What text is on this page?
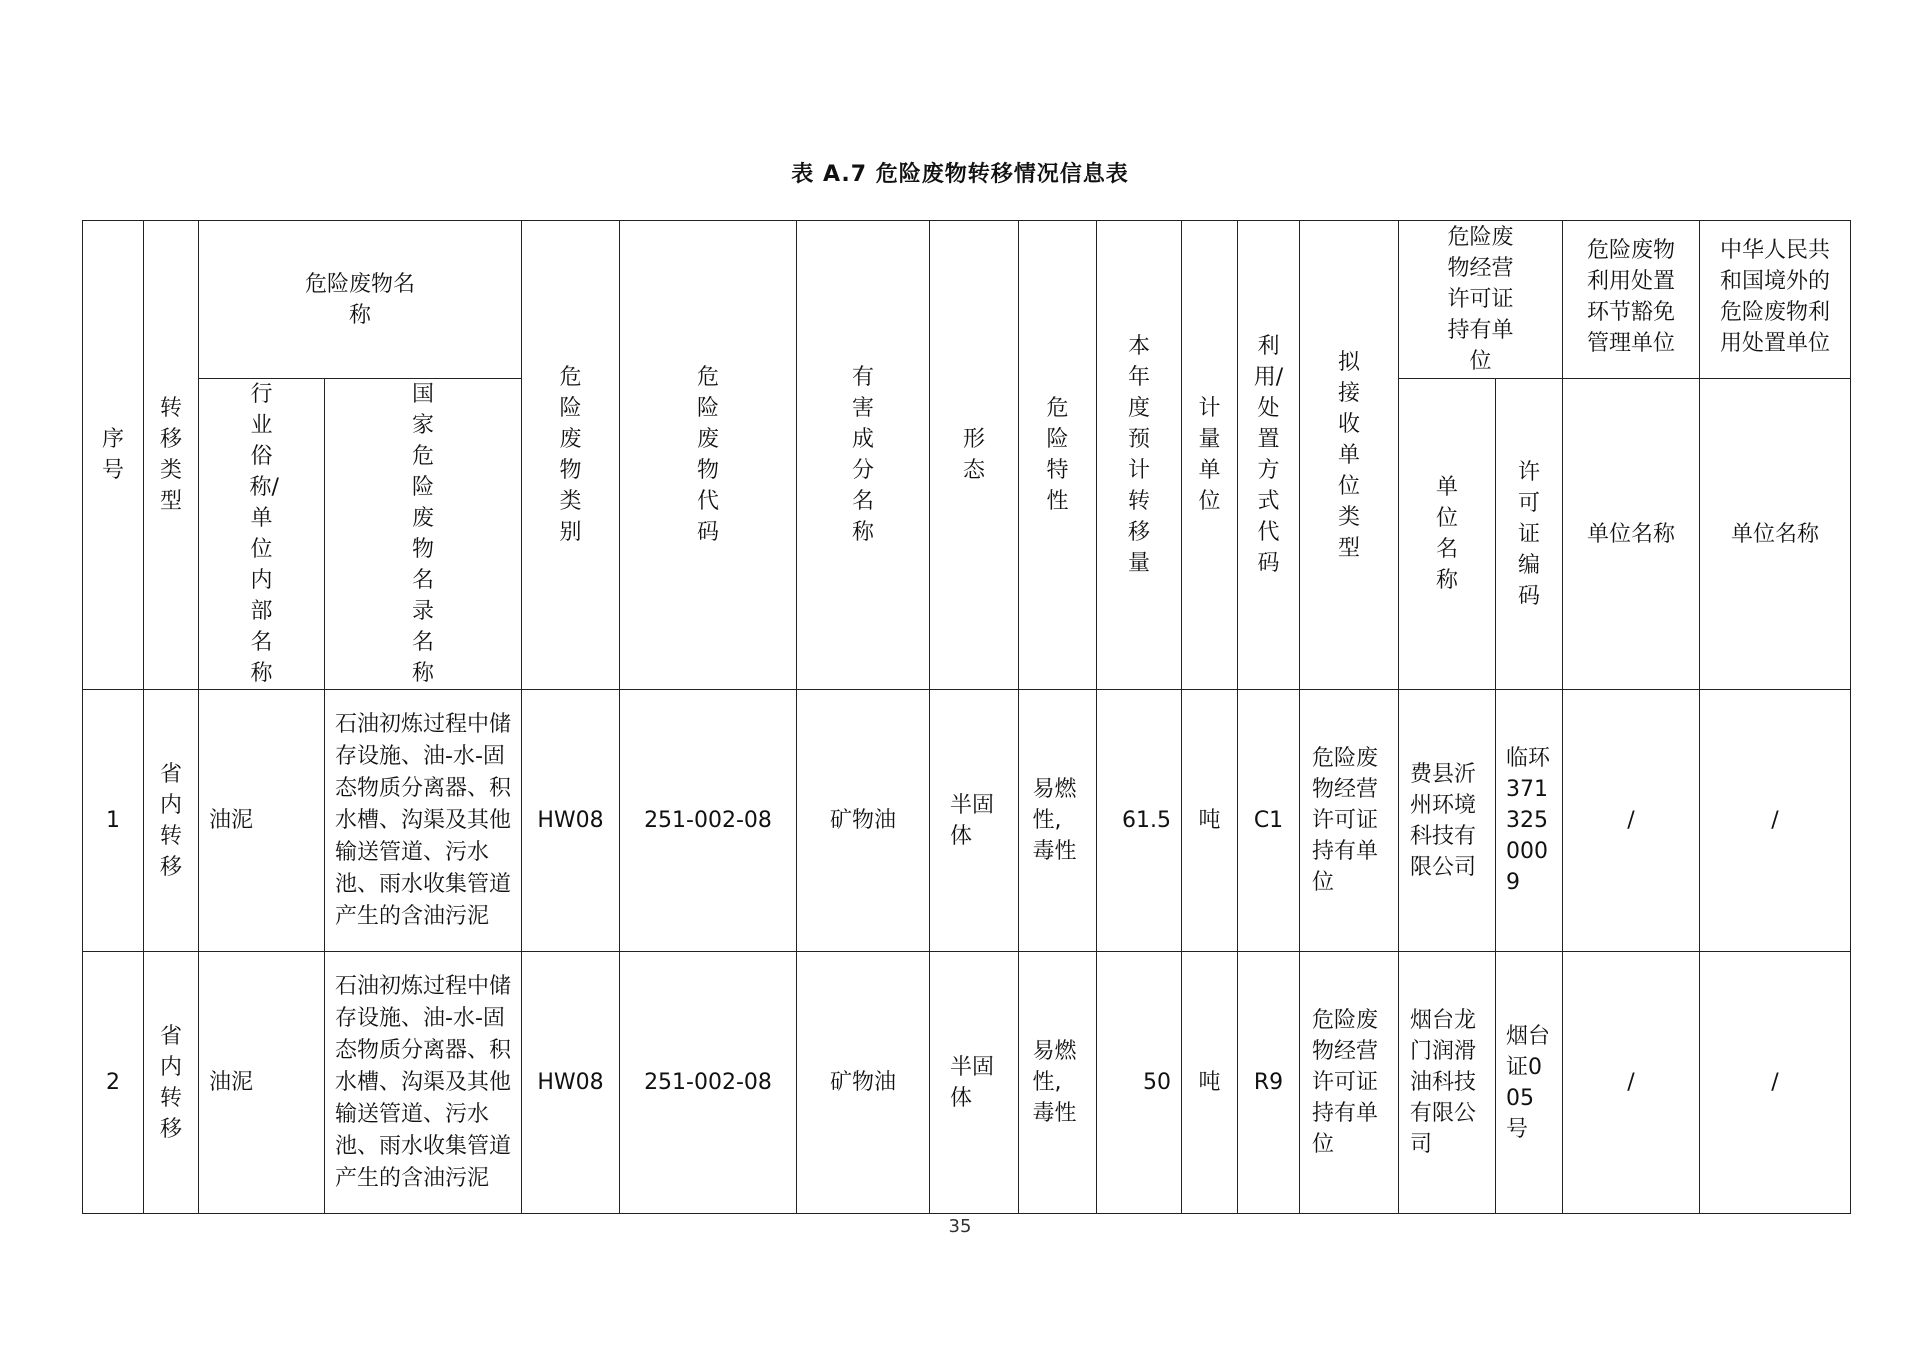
表 A.7 危险废物转移情况信息表
序号	转移类型	危险废物名称		危险废物类别	危险废物代码	有害成分名称	形态	危险特性	本年度预计转移量	计量单位	利用/处置方式代码	拟接收单位类型	危险废物经营许可证持有单位		危险废物利用处置环节豁免管理单位	中华人民共和国境外的危险废物利用处置单位
		行业俗称/单位内部名称	国家危险废物名录名称										单位名称	许可证编码	单位名称	单位名称
1	省内转移	油泥	石油初炼过程中储存设施、油-水-固态物质分离器、积水槽、沟渠及其他输送管道、污水池、雨水收集管道产生的含油污泥	HW08	251-002-08	矿物油	半固体	易燃性,毒性	61.5	吨	C1	危险废物经营许可证持有单位	费县沂州环境科技有限公司	临环371325000 9	/	/
2	省内转移	油泥	石油初炼过程中储存设施、油-水-固态物质分离器、积水槽、沟渠及其他输送管道、污水池、雨水收集管道产生的含油污泥	HW08	251-002-08	矿物油	半固体	易燃性,毒性	50	吨	R9	危险废物经营许可证持有单位	烟台龙门润滑油科技有限公司	烟台证005号	/	/
35
